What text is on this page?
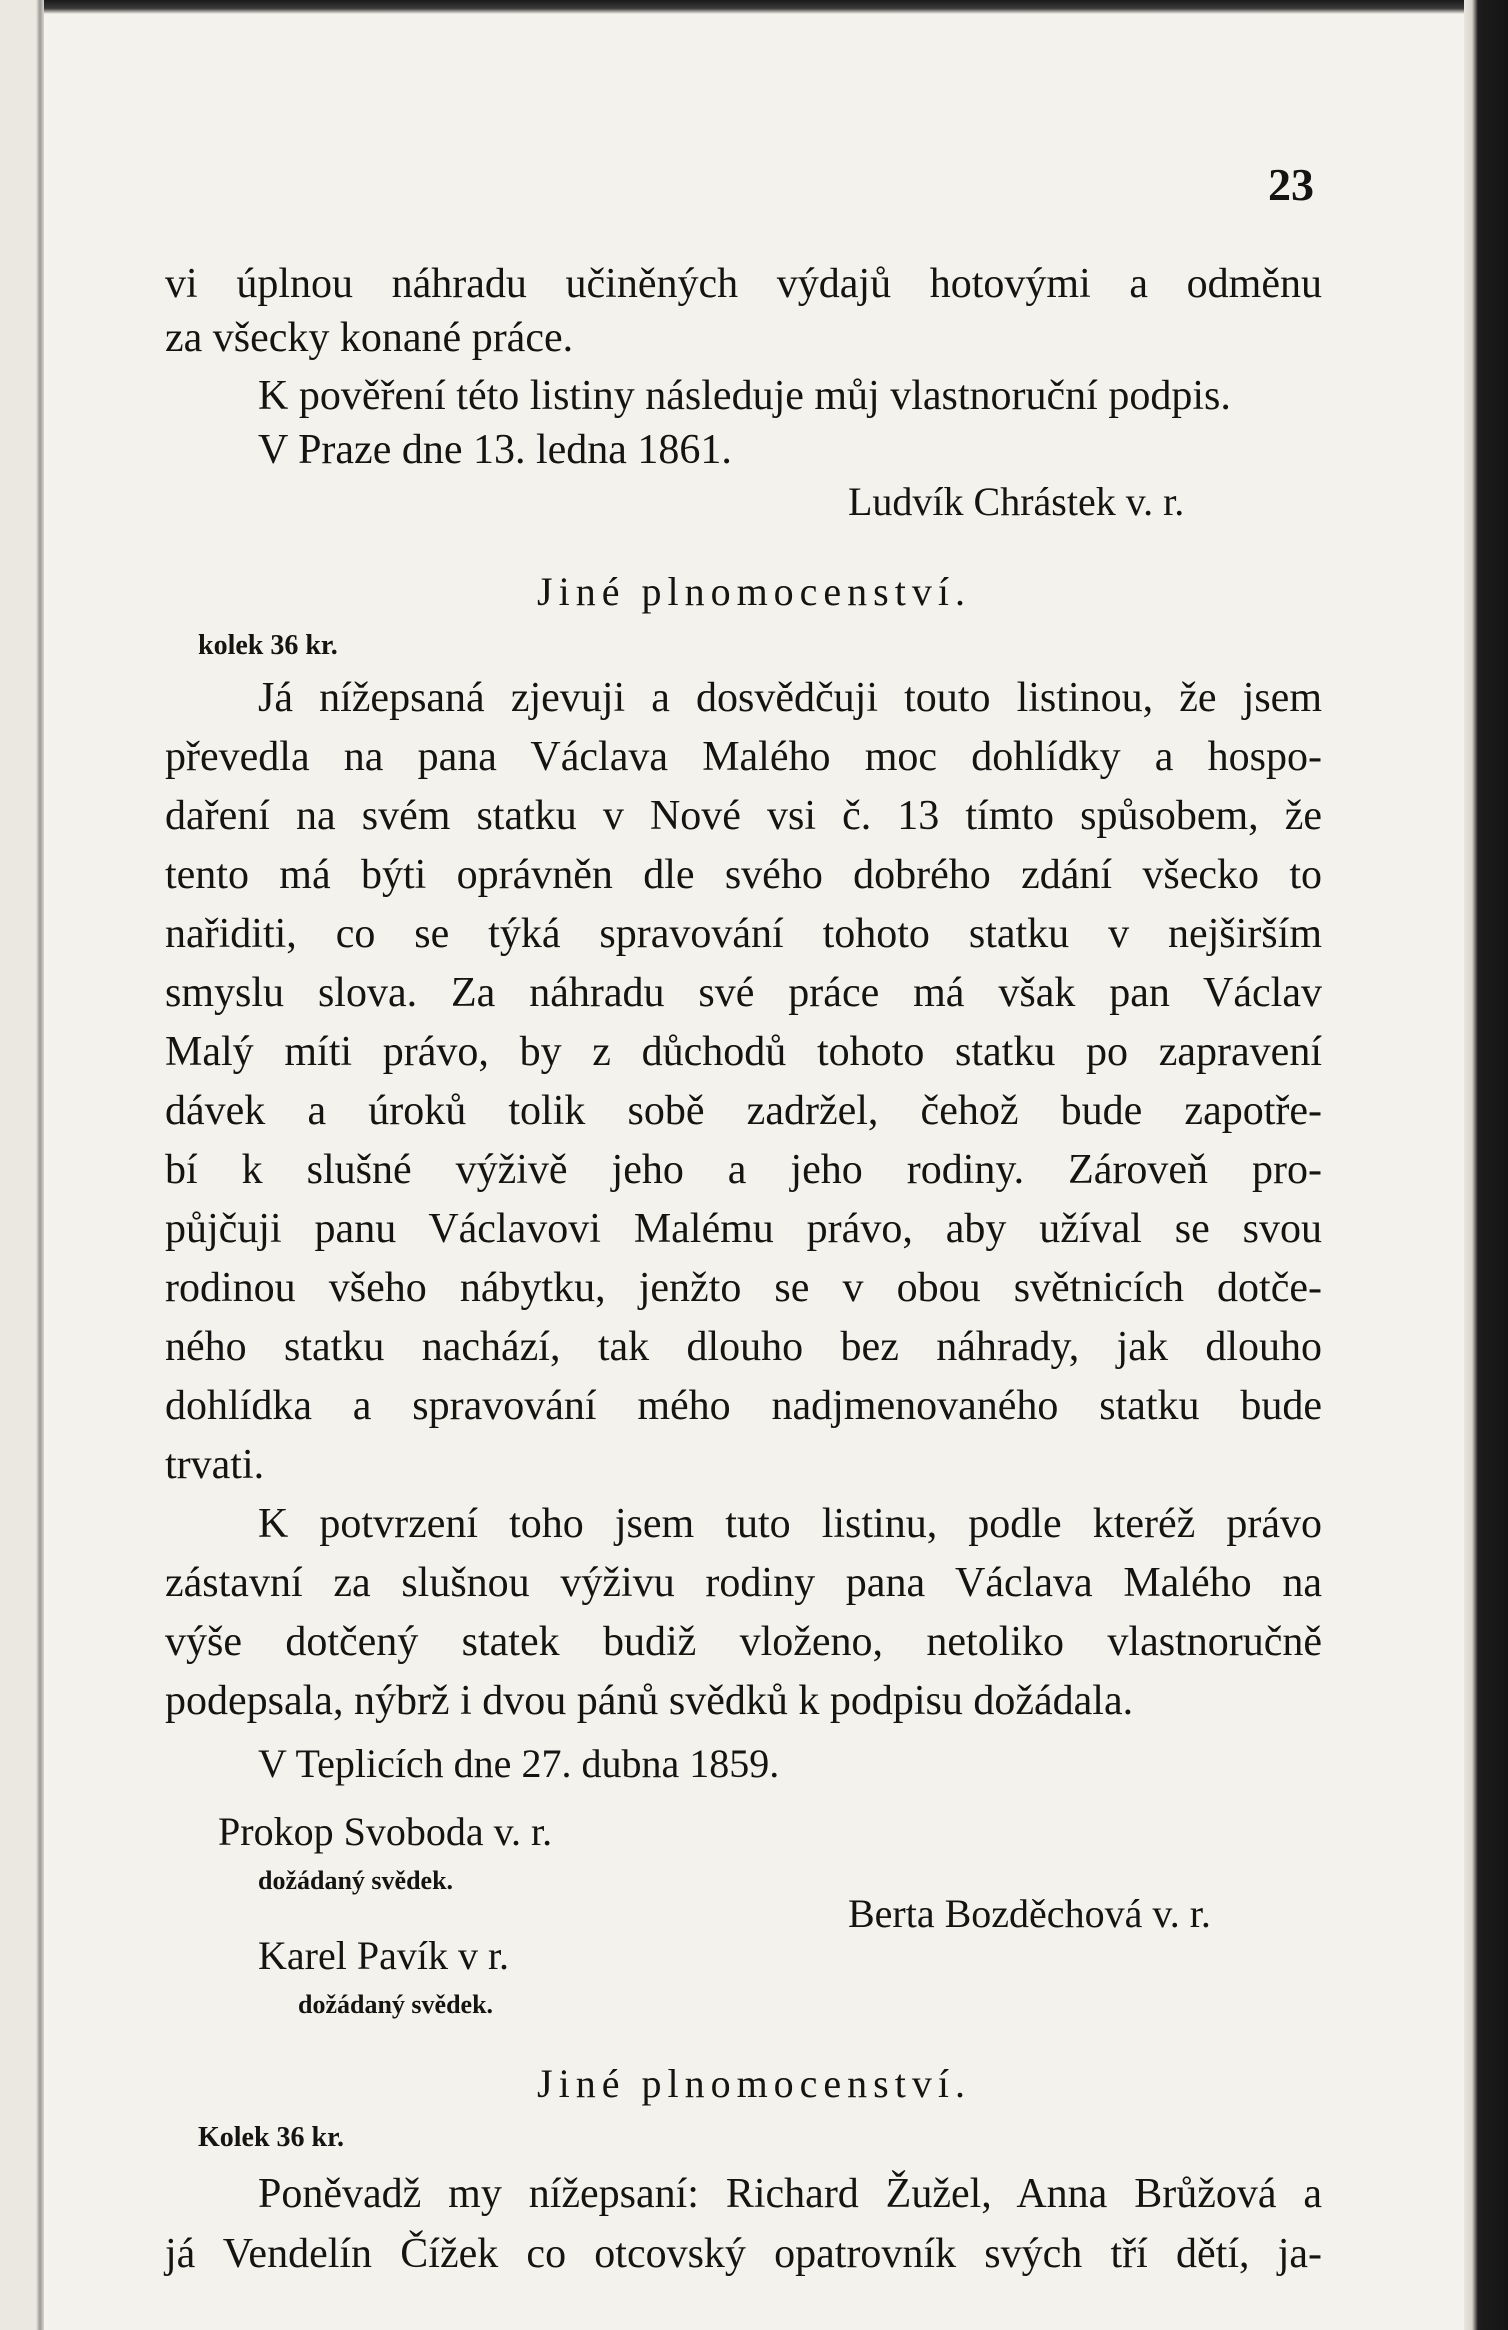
23
vi úplnou náhradu učiněných výdajů hotovými a odměnu
za všecky konané práce.
K pověření této listiny následuje můj vlastnoruční podpis.
V Praze dne 13. ledna 1861.
Ludvík Chrástek v. r.
Jiné plnomocenství.
kolek 36 kr.
Já nížepsaná zjevuji a dosvědčuji touto listinou, že jsem
převedla na pana Václava Malého moc dohlídky a hospo-
daření na svém statku v Nové vsi č. 13 tímto spůsobem, že
tento má býti oprávněn dle svého dobrého zdání všecko to
nařiditi, co se týká spravování tohoto statku v nejširším
smyslu slova. Za náhradu své práce má však pan Václav
Malý míti právo, by z důchodů tohoto statku po zapravení
dávek a úroků tolik sobě zadržel, čehož bude zapotře-
bí k slušné výživě jeho a jeho rodiny. Zároveň pro-
půjčuji panu Václavovi Malému právo, aby užíval se svou
rodinou všeho nábytku, jenžto se v obou světnicích dotče-
ného statku nachází, tak dlouho bez náhrady, jak dlouho
dohlídka a spravování mého nadjmenovaného statku bude
trvati.
K potvrzení toho jsem tuto listinu, podle kteréž právo
zástavní za slušnou výživu rodiny pana Václava Malého na
výše dotčený statek budiž vloženo, netoliko vlastnoručně
podepsala, nýbrž i dvou pánů svědků k podpisu dožádala.
V Teplicích dne 27. dubna 1859.
Prokop Svoboda v. r.
dožádaný svědek.
Berta Bozděchová v. r.
Karel Pavík v r.
dožádaný svědek.
Jiné plnomocenství.
Kolek 36 kr.
Poněvadž my nížepsaní: Richard Žužel, Anna Brůžová a
já Vendelín Čížek co otcovský opatrovník svých tří dětí, ja-
